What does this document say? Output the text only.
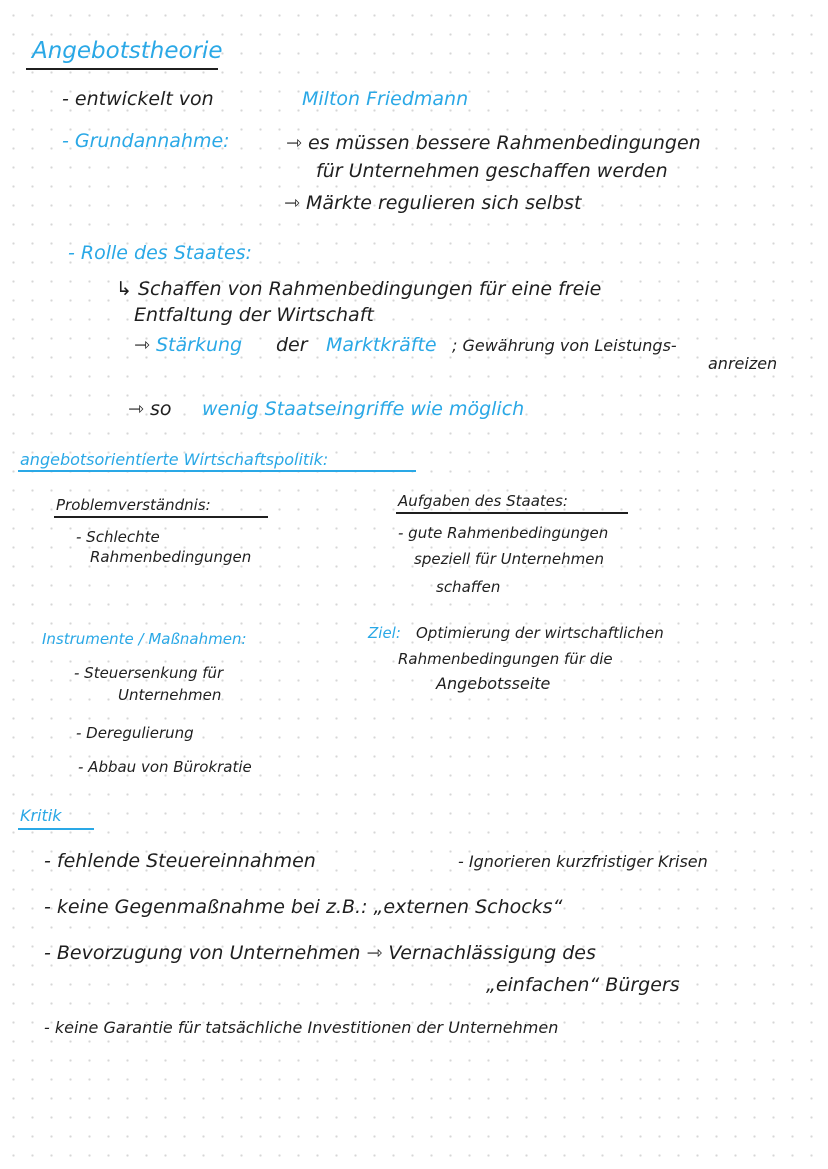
Angebotstheorie
- entwickelt von	Milton Friedmann
- Grundannahme:	⇾ es müssen bessere Rahmenbedingungen
für Unternehmen geschaffen werden
⇾ Märkte regulieren sich selbst
- Rolle des Staates:
↳ Schaffen von Rahmenbedingungen für eine freie
Entfaltung der Wirtschaft
⇾ Stärkung der Marktkräfte ; Gewährung von Leistungs-
anreizen
⇾ so wenig Staatseingriffe wie möglich
angebotsorientierte Wirtschaftspolitik:
Problemverständnis:
- Schlechte
Rahmenbedingungen
Aufgaben des Staates:
- gute Rahmenbedingungen
speziell für Unternehmen
schaffen
Instrumente / Maßnahmen:
- Steuersenkung für
Unternehmen
- Deregulierung
- Abbau von Bürokratie
Ziel: Optimierung der wirtschaftlichen
Rahmenbedingungen für die
Angebotsseite
Kritik
- fehlende Steuereinnahmen	- Ignorieren kurzfristiger Krisen
- keine Gegenmaßnahme bei z.B.: „externen Schocks“
- Bevorzugung von Unternehmen ⇾ Vernachlässigung des
„einfachen“ Bürgers
- keine Garantie für tatsächliche Investitionen der Unternehmen
